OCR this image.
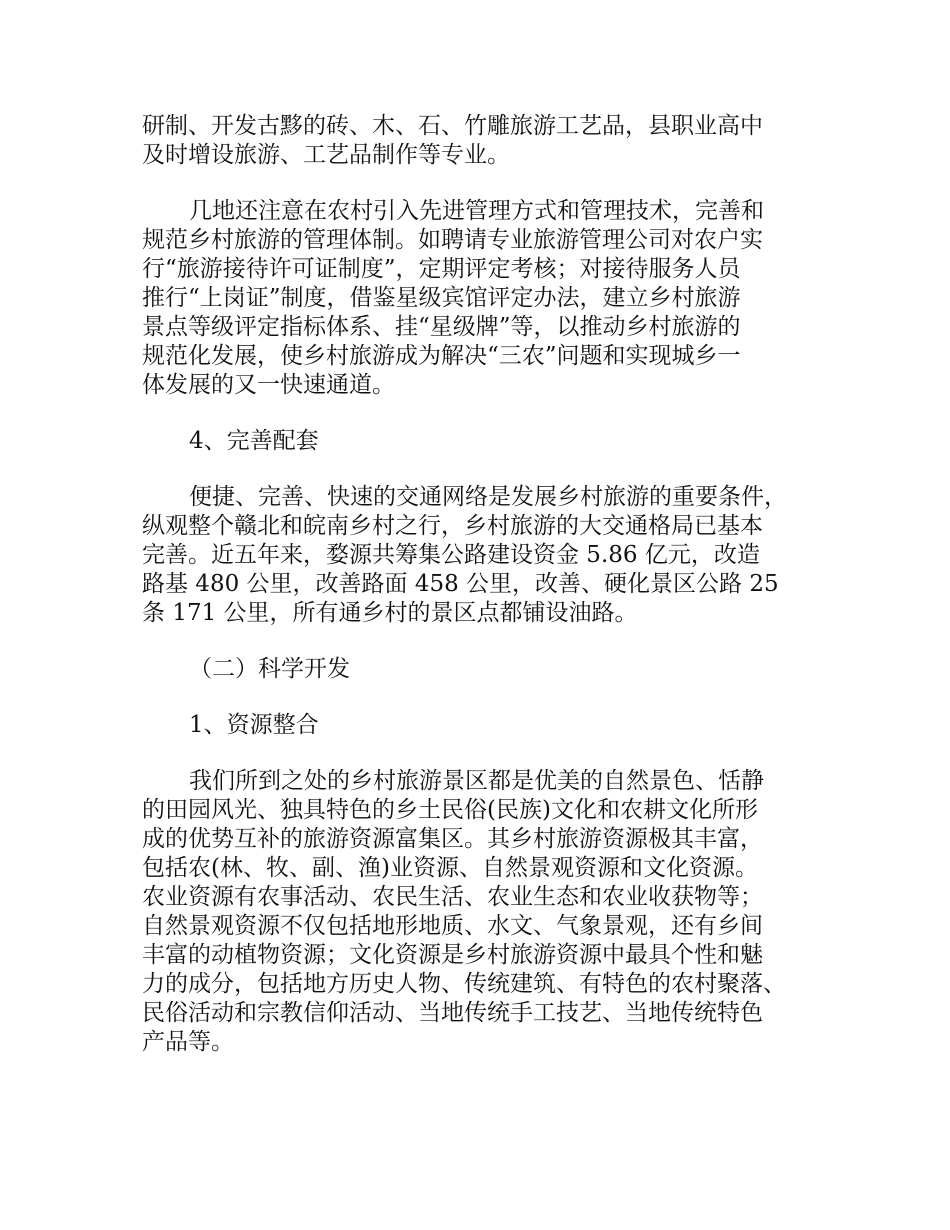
研制、开发古黟的砖、木、石、竹雕旅游工艺品，县职业高中
及时增设旅游、工艺品制作等专业。

几地还注意在农村引入先进管理方式和管理技术，完善和
规范乡村旅游的管理体制。如聘请专业旅游管理公司对农户实
行“旅游接待许可证制度”，定期评定考核；对接待服务人员
推行“上岗证”制度，借鉴星级宾馆评定办法，建立乡村旅游
景点等级评定指标体系、挂“星级牌”等，以推动乡村旅游的
规范化发展，使乡村旅游成为解决“三农”问题和实现城乡一
体发展的又一快速通道。

4、完善配套

便捷、完善、快速的交通网络是发展乡村旅游的重要条件，
纵观整个赣北和皖南乡村之行，乡村旅游的大交通格局已基本
完善。近五年来，婺源共筹集公路建设资金 5.86 亿元，改造
路基 480 公里，改善路面 458 公里，改善、硬化景区公路 25
条 171 公里，所有通乡村的景区点都铺设油路。

（二）科学开发

1、资源整合

我们所到之处的乡村旅游景区都是优美的自然景色、恬静
的田园风光、独具特色的乡土民俗(民族)文化和农耕文化所形
成的优势互补的旅游资源富集区。其乡村旅游资源极其丰富，
包括农(林、牧、副、渔)业资源、自然景观资源和文化资源。
农业资源有农事活动、农民生活、农业生态和农业收获物等；
自然景观资源不仅包括地形地质、水文、气象景观，还有乡间
丰富的动植物资源；文化资源是乡村旅游资源中最具个性和魅
力的成分，包括地方历史人物、传统建筑、有特色的农村聚落、
民俗活动和宗教信仰活动、当地传统手工技艺、当地传统特色
产品等。
